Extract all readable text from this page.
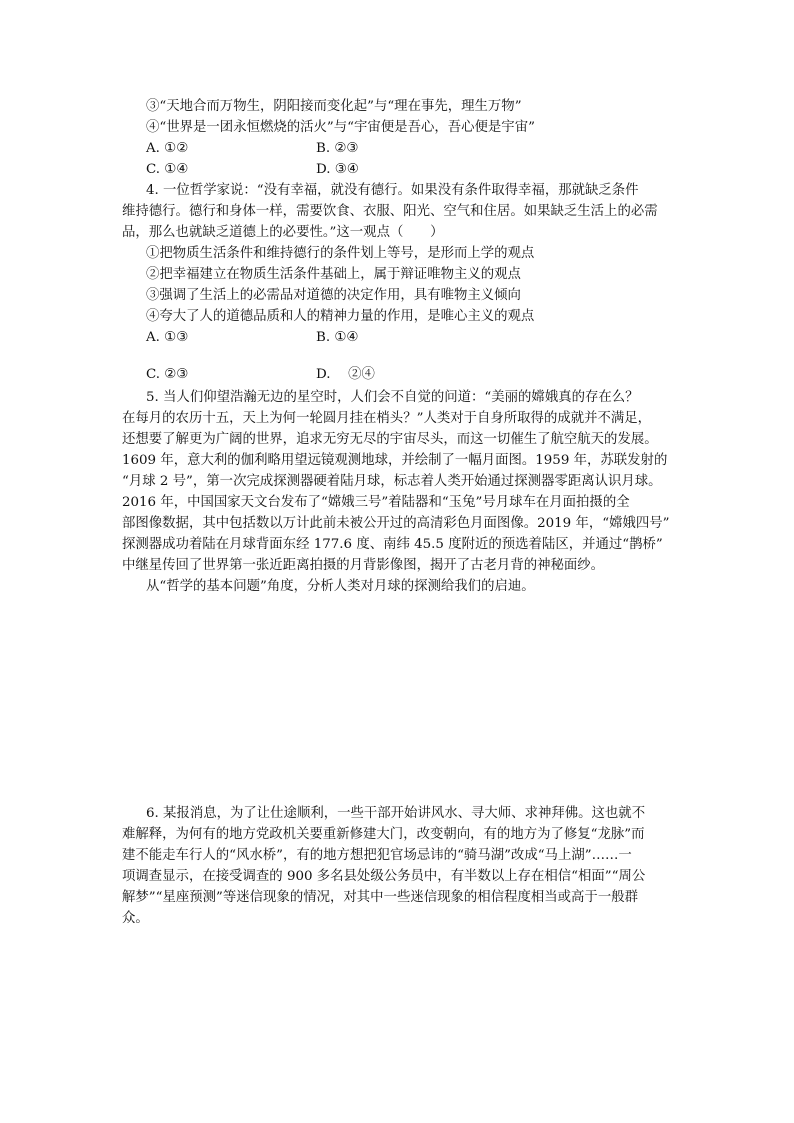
③“天地合而万物生，阴阳接而变化起”与“理在事先，理生万物”
④“世界是一团永恒燃烧的活火”与“宇宙便是吾心，吾心便是宇宙”
A. ①②	B. ②③
C. ①④	D. ③④
4. 一位哲学家说：“没有幸福，就没有德行。如果没有条件取得幸福，那就缺乏条件
维持德行。德行和身体一样，需要饮食、衣服、阳光、空气和住居。如果缺乏生活上的必需
品，那么也就缺乏道德上的必要性。”这一观点（　　）
①把物质生活条件和维持德行的条件划上等号，是形而上学的观点
②把幸福建立在物质生活条件基础上，属于辩证唯物主义的观点
③强调了生活上的必需品对道德的决定作用，具有唯物主义倾向
④夸大了人的道德品质和人的精神力量的作用，是唯心主义的观点
A. ①③	B. ①④
C. ②③	D.　 ②④
5. 当人们仰望浩瀚无边的星空时，人们会不自觉的问道：“美丽的嫦娥真的存在么？
在每月的农历十五，天上为何一轮圆月挂在梢头？”人类对于自身所取得的成就并不满足，
还想要了解更为广阔的世界，追求无穷无尽的宇宙尽头，而这一切催生了航空航天的发展。
1609 年，意大利的伽利略用望远镜观测地球，并绘制了一幅月面图。1959 年，苏联发射的
“月球 2 号”，第一次完成探测器硬着陆月球，标志着人类开始通过探测器零距离认识月球。
2016 年，中国国家天文台发布了“嫦娥三号”着陆器和“玉兔”号月球车在月面拍摄的全
部图像数据，其中包括数以万计此前未被公开过的高清彩色月面图像。2019 年，“嫦娥四号”
探测器成功着陆在月球背面东经 177.6 度、南纬 45.5 度附近的预选着陆区，并通过“鹊桥”
中继星传回了世界第一张近距离拍摄的月背影像图，揭开了古老月背的神秘面纱。
从“哲学的基本问题”角度，分析人类对月球的探测给我们的启迪。
6. 某报消息，为了让仕途顺利，一些干部开始讲风水、寻大师、求神拜佛。这也就不
难解释，为何有的地方党政机关要重新修建大门，改变朝向，有的地方为了修复“龙脉”而
建不能走车行人的“风水桥”，有的地方想把犯官场忌讳的“骑马湖”改成“马上湖”……一
项调查显示，在接受调查的 900 多名县处级公务员中，有半数以上存在相信“相面”“周公
解梦”“星座预测”等迷信现象的情况，对其中一些迷信现象的相信程度相当或高于一般群
众。
